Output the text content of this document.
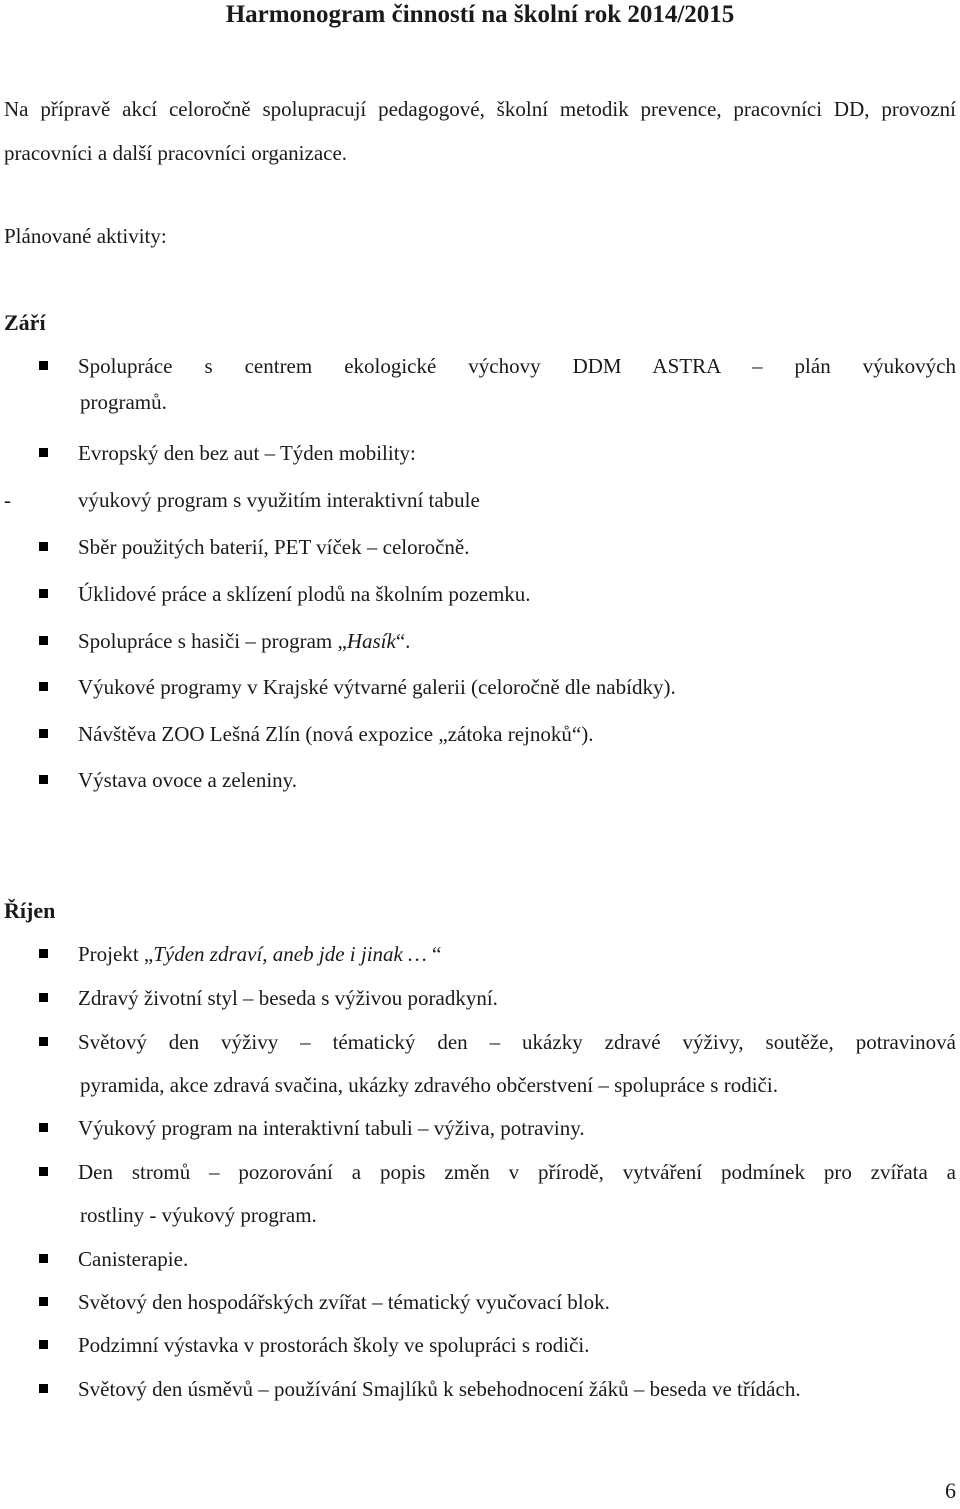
Harmonogram činností na školní rok 2014/2015
Na přípravě akcí celoročně spolupracují pedagogové, školní metodik prevence, pracovníci DD, provozní pracovníci a další pracovníci organizace.
Plánované aktivity:
Září
Spolupráce s centrem ekologické výchovy DDM ASTRA – plán výukových
programů.
Evropský den bez aut – Týden mobility:
-	výukový program s využitím interaktivní tabule
Sběr použitých baterií, PET víček – celoročně.
Úklidové práce a sklízení plodů na školním pozemku.
Spolupráce s hasiči – program „Hasík“.
Výukové programy v Krajské výtvarné galerii (celoročně dle nabídky).
Návštěva ZOO Lešná Zlín (nová expozice „zátoka rejnoků“).
Výstava ovoce a zeleniny.
Říjen
Projekt „Týden zdraví, aneb jde i jinak … “
Zdravý životní styl – beseda s výživou poradkyní.
Světový den výživy – tématický den – ukázky zdravé výživy, soutěže, potravinová
pyramida, akce zdravá svačina, ukázky zdravého občerstvení – spolupráce s rodiči.
Výukový program na interaktivní tabuli – výživa, potraviny.
Den stromů – pozorování a popis změn v přírodě, vytváření podmínek pro zvířata a
rostliny - výukový program.
Canisterapie.
Světový den hospodářských zvířat – tématický vyučovací blok.
Podzimní výstavka v prostorách školy ve spolupráci s rodiči.
Světový den úsměvů – používání Smajlíků k sebehodnocení žáků – beseda ve třídách.
6
